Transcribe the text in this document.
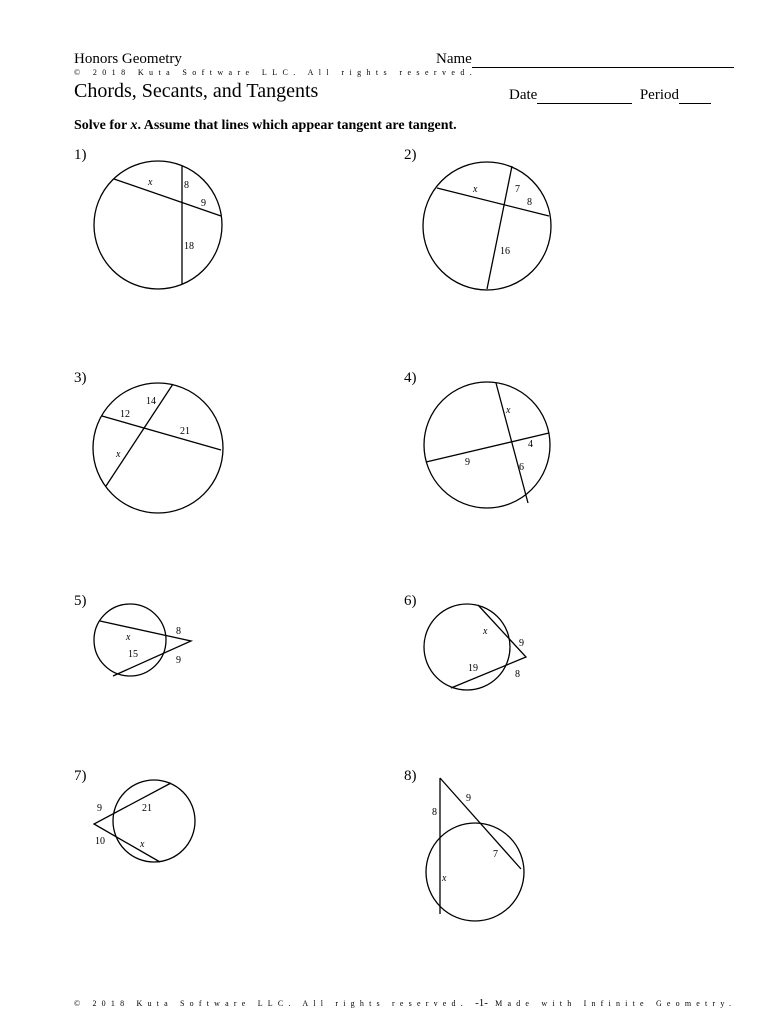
Honors Geometry	Name
© 2018 Kuta Software LLC. All rights reserved.
Chords, Secants, and Tangents	Date	Period
Solve for x. Assume that lines which appear tangent are tangent.
1)	2)
3)	4)
5)	6)
7)	8)
x	8
9
18
x	7
8
16
14
12
21
x
x
4
9	6
x
8
15
9
x
9
19
8
9	21
10	x
9
8
7
x
© 2018 Kuta Software LLC. All rights reserved. -1- Made with Infinite Geometry.
